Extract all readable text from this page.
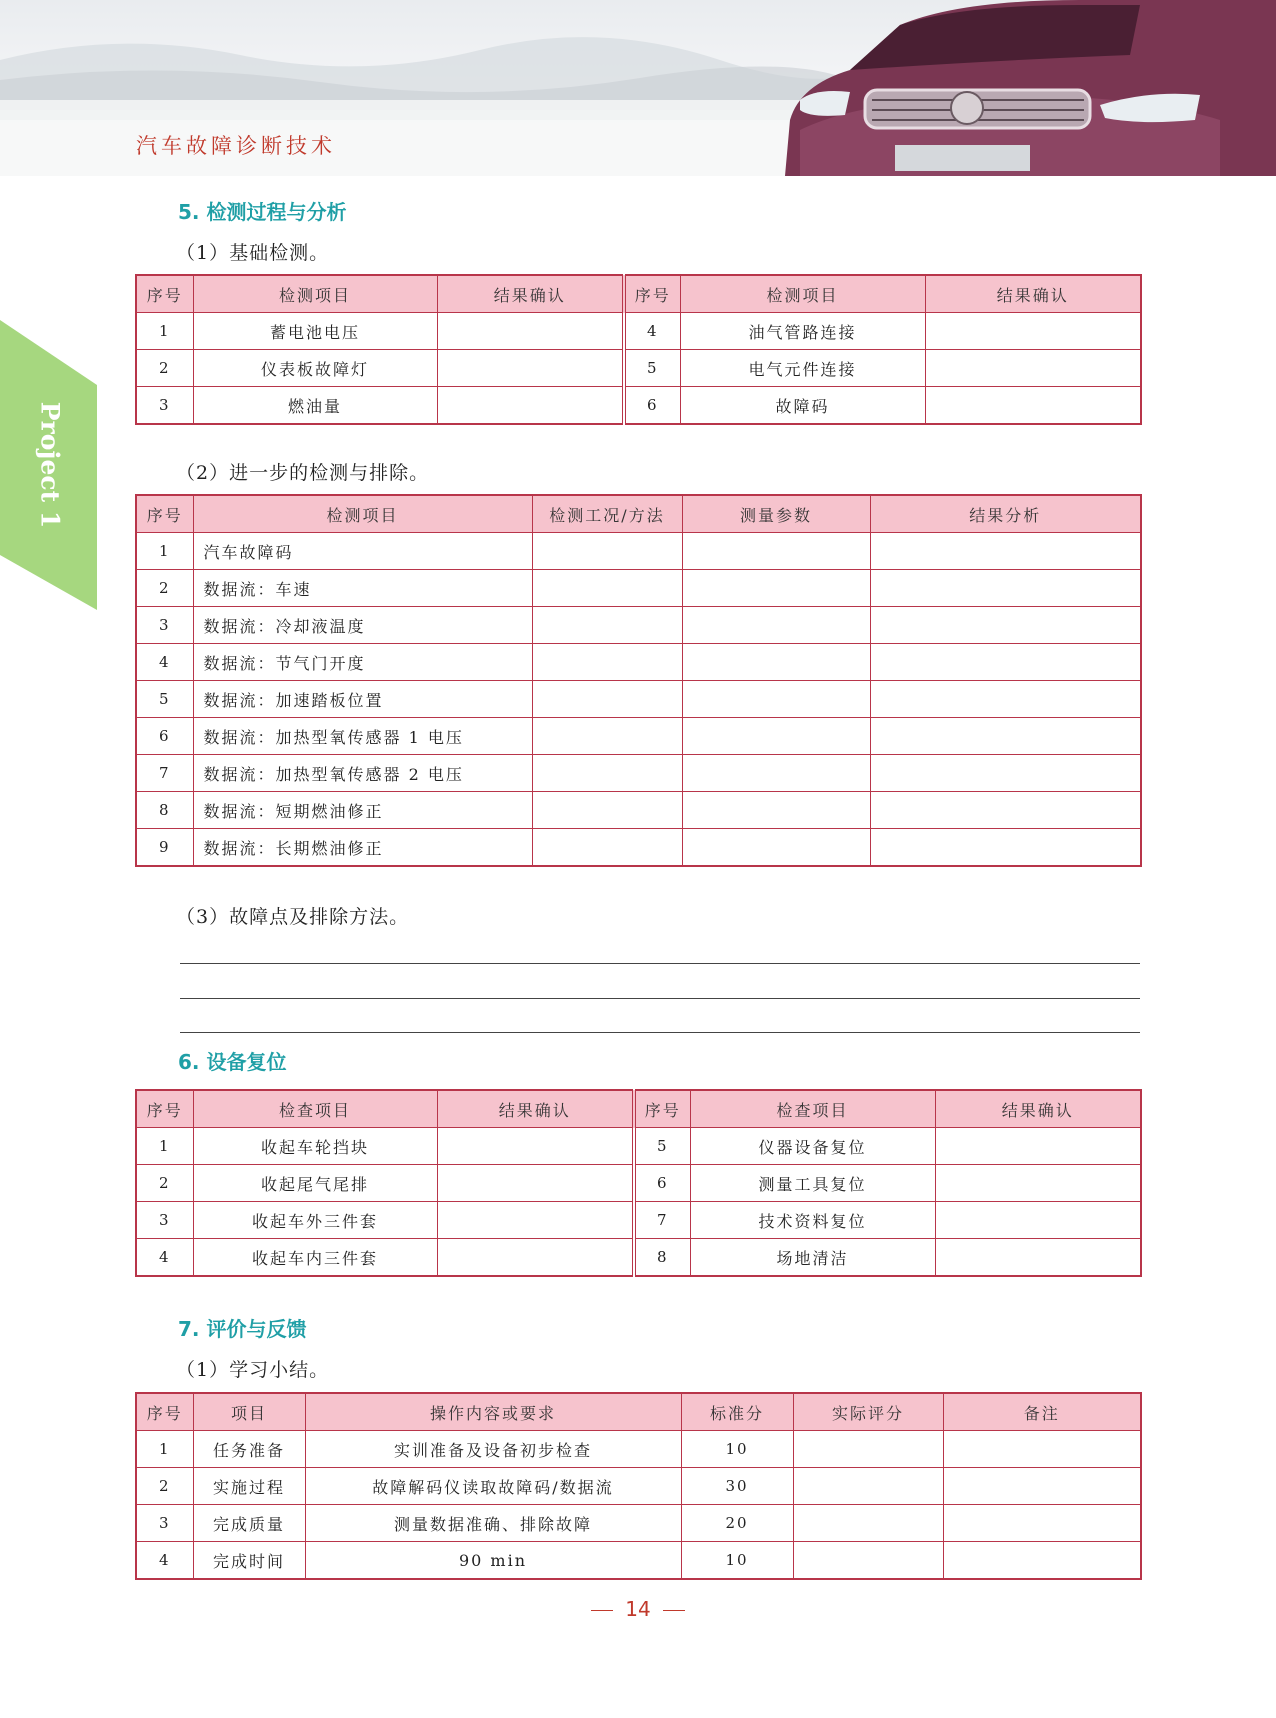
汽车故障诊断技术
Project 1
5. 检测过程与分析
（1）基础检测。
序号	检测项目	结果确认	序号	检测项目	结果确认
1	蓄电池电压		4	油气管路连接	
2	仪表板故障灯		5	电气元件连接	
3	燃油量		6	故障码	
（2）进一步的检测与排除。
序号	检测项目	检测工况/方法	测量参数	结果分析
1	汽车故障码			
2	数据流：车速			
3	数据流：冷却液温度			
4	数据流：节气门开度			
5	数据流：加速踏板位置			
6	数据流：加热型氧传感器 1 电压			
7	数据流：加热型氧传感器 2 电压			
8	数据流：短期燃油修正			
9	数据流：长期燃油修正			
（3）故障点及排除方法。
6. 设备复位
序号	检查项目	结果确认	序号	检查项目	结果确认
1	收起车轮挡块		5	仪器设备复位	
2	收起尾气尾排		6	测量工具复位	
3	收起车外三件套		7	技术资料复位	
4	收起车内三件套		8	场地清洁	
7. 评价与反馈
（1）学习小结。
序号	项目	操作内容或要求	标准分	实际评分	备注
1	任务准备	实训准备及设备初步检查	10		
2	实施过程	故障解码仪读取故障码/数据流	30		
3	完成质量	测量数据准确、排除故障	20		
4	完成时间	90 min	10		
14
